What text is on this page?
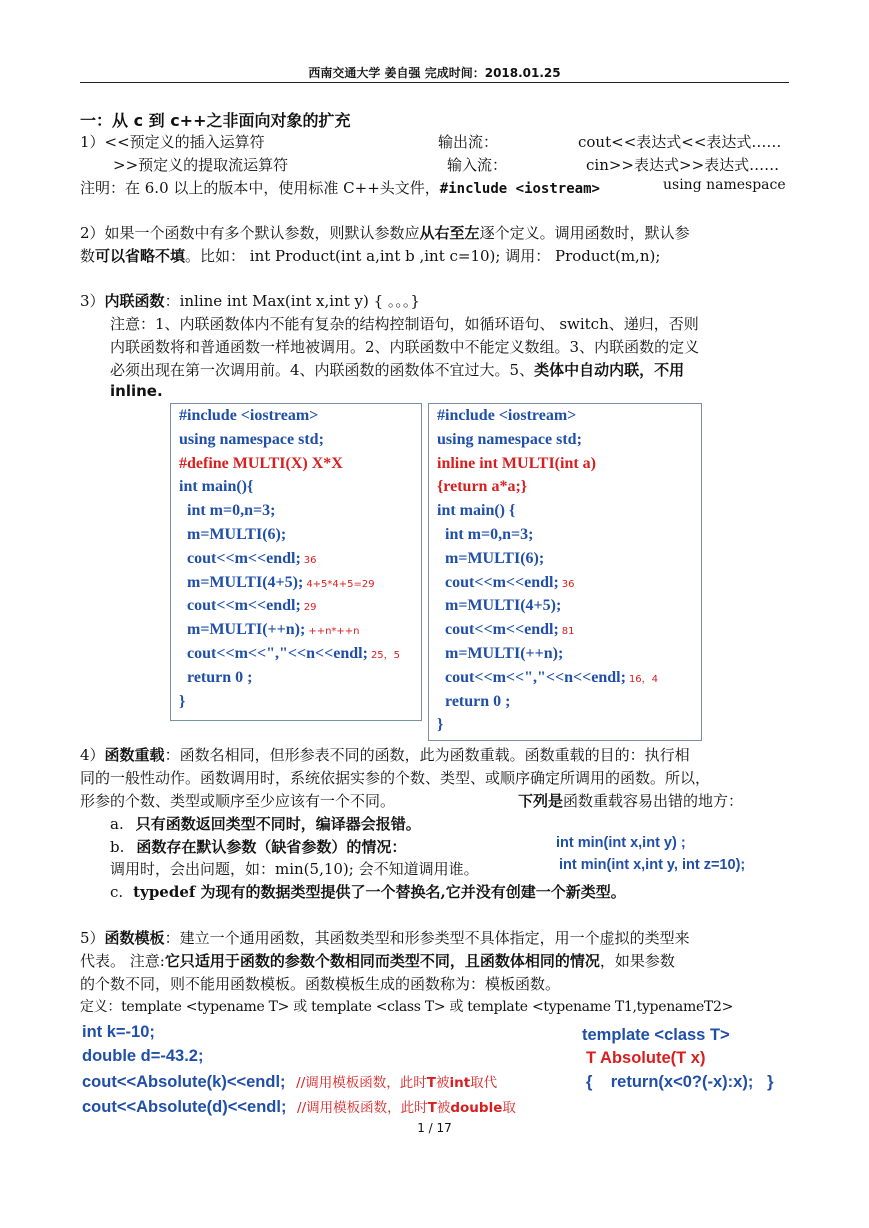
西南交通大学 姜自强 完成时间：2018.01.25
一：从 c 到 c++之非面向对象的扩充
1）<<预定义的插入运算符	输出流：	cout<<表达式<<表达式……
>>预定义的提取流运算符	输入流：	cin>>表达式>>表达式……
注明：在 6.0 以上的版本中，使用标准 C++头文件，#include <iostream>	using namespace
2）如果一个函数中有多个默认参数，则默认参数应从右至左逐个定义。调用函数时，默认参
数可以省略不填。比如： int Product(int a,int b ,int c=10); 调用： Product(m,n);
3）内联函数：inline int Max(int x,int y) { 。。。}
注意：1、内联函数体内不能有复杂的结构控制语句，如循环语句、 switch、递归，否则
内联函数将和普通函数一样地被调用。2、内联函数中不能定义数组。3、内联函数的定义
必须出现在第一次调用前。4、内联函数的函数体不宜过大。5、类体中自动内联，不用
inline.
#include <iostream>
using namespace std;
#define MULTI(X) X*X
int main(){
int m=0,n=3;
m=MULTI(6);
cout<<m<<endl; 36
m=MULTI(4+5); 4+5*4+5=29
cout<<m<<endl; 29
m=MULTI(++n); ++n*++n
cout<<m<<","<<n<<endl; 25，5
return 0 ;
}
#include <iostream>
using namespace std;
inline int MULTI(int a)
{return a*a;}
int main() {
int m=0,n=3;
m=MULTI(6);
cout<<m<<endl; 36
m=MULTI(4+5);
cout<<m<<endl; 81
m=MULTI(++n);
cout<<m<<","<<n<<endl; 16，4
return 0 ;
}
4）函数重载：函数名相同，但形参表不同的函数，此为函数重载。函数重载的目的：执行相
同的一般性动作。函数调用时，系统依据实参的个数、类型、或顺序确定所调用的函数。所以，
形参的个数、类型或顺序至少应该有一个不同。	下列是函数重载容易出错的地方：
a. 只有函数返回类型不同时，编译器会报错。
b. 函数存在默认参数（缺省参数）的情况：
调用时，会出问题，如：min(5,10); 会不知道调用谁。
c. typedef 为现有的数据类型提供了一个替换名,它并没有创建一个新类型。
int min(int x,int y) ;
int min(int x,int y, int z=10);
5）函数模板：建立一个通用函数，其函数类型和形参类型不具体指定，用一个虚拟的类型来
代表。 注意:它只适用于函数的参数个数相同而类型不同，且函数体相同的情况，如果参数
的个数不同，则不能用函数模板。函数模板生成的函数称为：模板函数。
定义：template <typename T> 或 template <class T> 或 template <typename T1,typenameT2>
int k=-10;
double d=-43.2;
cout<<Absolute(k)<<endl; //调用模板函数，此时T被int取代
cout<<Absolute(d)<<endl; //调用模板函数，此时T被double取
template <class T>
T Absolute(T x)
{    return(x<0?(-x):x);   }
1 / 17
